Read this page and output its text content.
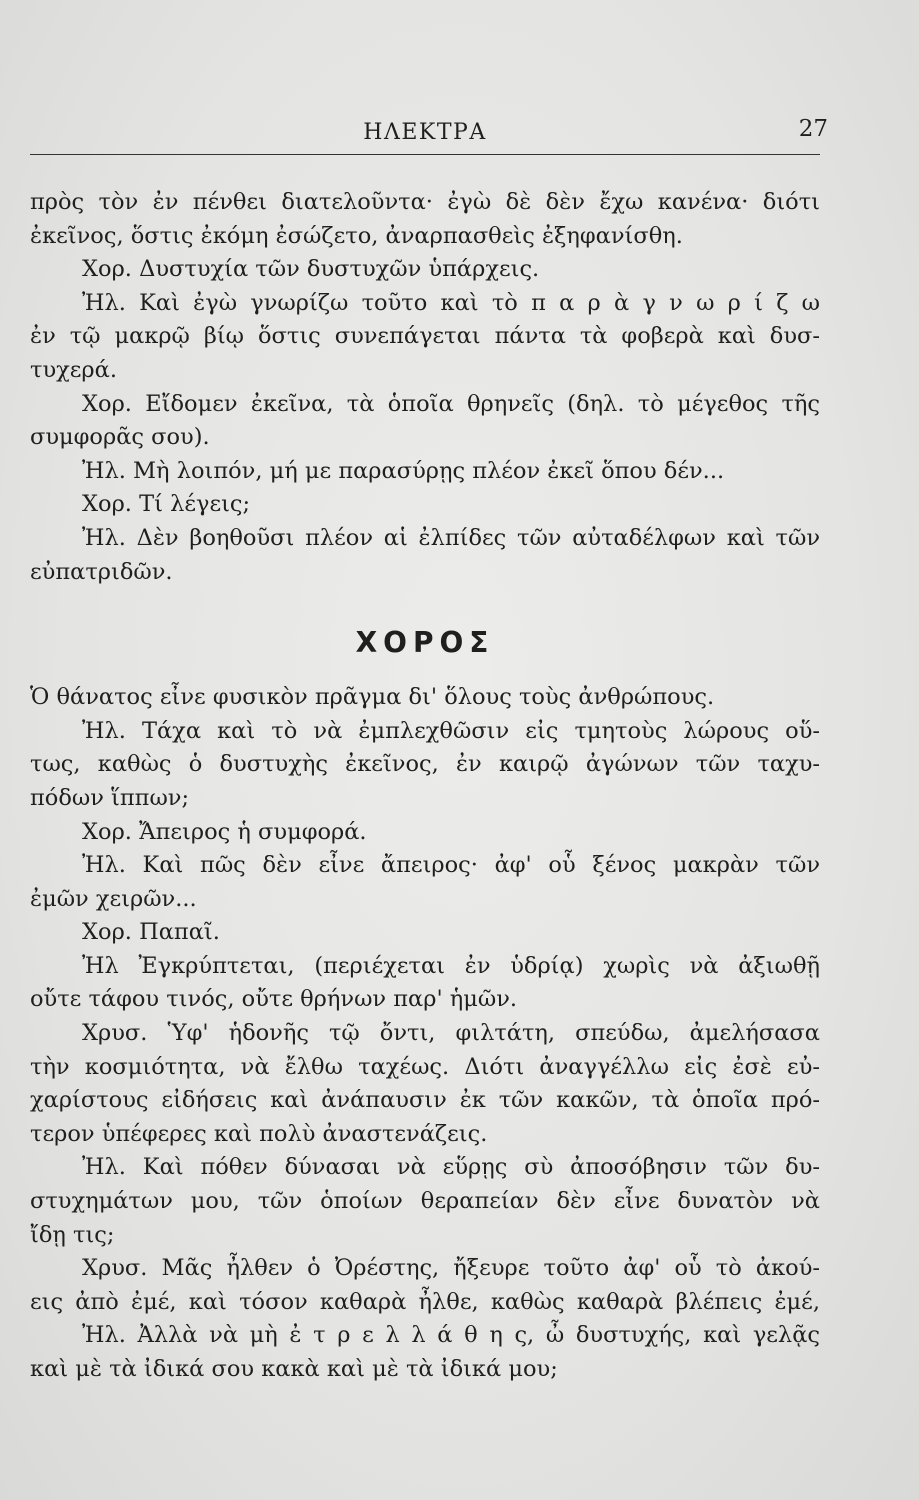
ΗΛΕΚΤΡΑ	27
πρὸς τὸν ἐν πένθει διατελοῦντα· ἐγὼ δὲ δὲν ἔχω κανένα· διότι
ἐκεῖνος, ὅστις ἐκόμη ἐσώζετο, ἀναρπασθεὶς ἐξηφανίσθη.
Χορ. Δυστυχία τῶν δυστυχῶν ὑπάρχεις.
Ἠλ. Καὶ ἐγὼ γνωρίζω τοῦτο καὶ τὸ π α ρ ὰ γ ν ω ρ ί ζ ω
ἐν τῷ μακρῷ βίῳ ὅστις συνεπάγεται πάντα τὰ φοβερὰ καὶ δυσ-
τυχερά.
Χορ. Εἴδομεν ἐκεῖνα, τὰ ὁποῖα θρηνεῖς (δηλ. τὸ μέγεθος τῆς
συμφορᾶς σου).
Ἠλ. Μὴ λοιπόν, μή με παρασύρῃς πλέον ἐκεῖ ὅπου δέν...
Χορ. Τί λέγεις;
Ἠλ. Δὲν βοηθοῦσι πλέον αἱ ἐλπίδες τῶν αὐταδέλφων καὶ τῶν
εὐπατριδῶν.
ΧΟΡΟΣ
Ὁ θάνατος εἶνε φυσικὸν πρᾶγμα δι' ὅλους τοὺς ἀνθρώπους.
Ἠλ. Τάχα καὶ τὸ νὰ ἐμπλεχθῶσιν εἰς τμητοὺς λώρους οὕ-
τως, καθὼς ὁ δυστυχὴς ἐκεῖνος, ἐν καιρῷ ἀγώνων τῶν ταχυ-
πόδων ἵππων;
Χορ. Ἄπειρος ἡ συμφορά.
Ἠλ. Καὶ πῶς δὲν εἶνε ἄπειρος· ἀφ' οὗ ξένος μακρὰν τῶν
ἐμῶν χειρῶν...
Χορ. Παπαῖ.
Ἠλ Ἐγκρύπτεται, (περιέχεται ἐν ὑδρίᾳ) χωρὶς νὰ ἀξιωθῇ
οὔτε τάφου τινός, οὔτε θρήνων παρ' ἡμῶν.
Χρυσ. Ὑφ' ἡδονῆς τῷ ὄντι, φιλτάτη, σπεύδω, ἀμελήσασα
τὴν κοσμιότητα, νὰ ἔλθω ταχέως. Διότι ἀναγγέλλω εἰς ἐσὲ εὐ-
χαρίστους εἰδήσεις καὶ ἀνάπαυσιν ἐκ τῶν κακῶν, τὰ ὁποῖα πρό-
τερον ὑπέφερες καὶ πολὺ ἀναστενάζεις.
Ἠλ. Καὶ πόθεν δύνασαι νὰ εὕρῃς σὺ ἀποσόβησιν τῶν δυ-
στυχημάτων μου, τῶν ὁποίων θεραπείαν δὲν εἶνε δυνατὸν νὰ
ἴδῃ τις;
Χρυσ. Μᾶς ἦλθεν ὁ Ὀρέστης, ἤξευρε τοῦτο ἀφ' οὗ τὸ ἀκού-
εις ἀπὸ ἐμέ, καὶ τόσον καθαρὰ ἦλθε, καθὼς καθαρὰ βλέπεις ἐμέ,
Ἠλ. Ἀλλὰ νὰ μὴ ἐ τ ρ ε λ λ ά θ η ς, ὦ δυστυχής, καὶ γελᾷς
καὶ μὲ τὰ ἰδικά σου κακὰ καὶ μὲ τὰ ἰδικά μου;
